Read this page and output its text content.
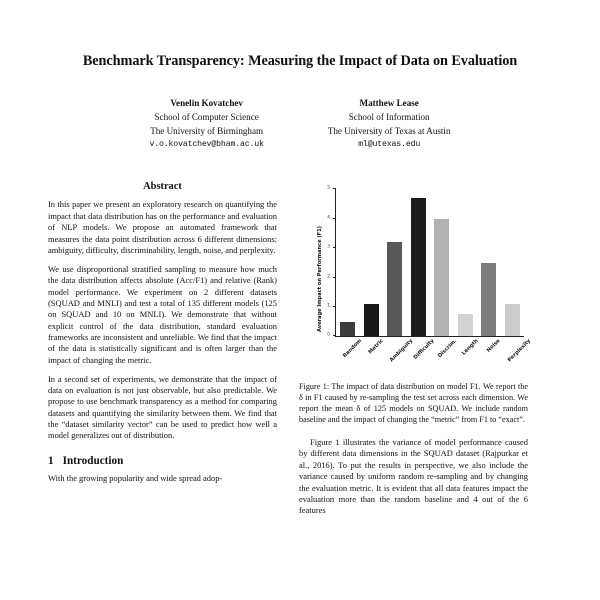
Benchmark Transparency: Measuring the Impact of Data on Evaluation
Venelin Kovatchev
School of Computer Science
The University of Birmingham
v.o.kovatchev@bham.ac.uk
Matthew Lease
School of Information
The University of Texas at Austin
ml@utexas.edu
Abstract

In this paper we present an exploratory research on quantifying the impact that data distribution has on the performance and evaluation of NLP models. We propose an automated framework that measures the data point distribution across 6 different dimensions: ambiguity, difficulty, discriminability, length, noise, and perplexity.

We use disproportional stratified sampling to measure how much the data distribution affects absolute (Acc/F1) and relative (Rank) model performance. We experiment on 2 different datasets (SQUAD and MNLI) and test a total of 135 different models (125 on SQUAD and 10 on MNLI). We demonstrate that without explicit control of the data distribution, standard evaluation frameworks are inconsistent and unreliable. We find that the impact of the data is statistically significant and is often larger than the impact of changing the metric.

In a second set of experiments, we demonstrate that the impact of data on evaluation is not just observable, but also predictable. We propose to use benchmark transparency as a method for comparing datasets and quantifying the similarity between them. We find that the “dataset similarity vector” can be used to predict how well a model generalizes out of distribution.

1 Introduction

With the growing popularity and wide spread adop-

Average Impact on Performance (F1)
0
1
2
3
4
5
Random Metric Ambiguity
Difficulty Discrim. Length Noise Perplexity
Figure 1: The impact of data distribution on model F1. We report the δ in F1 caused by re-sampling the test set across each dimension. We report the mean δ of 125 models on SQUAD. We include random baseline and the impact of changing the “metric” from F1 to “exact”.

Figure 1 illustrates the variance of model performance caused by different data dimensions in the SQUAD dataset (Rajpurkar et al., 2016). To put the results in perspective, we also include the variance caused by uniform random re-sampling and by changing the evaluation metric. It is evident that all data features impact the evaluation more than the random baseline and 4 out of the 6 features
